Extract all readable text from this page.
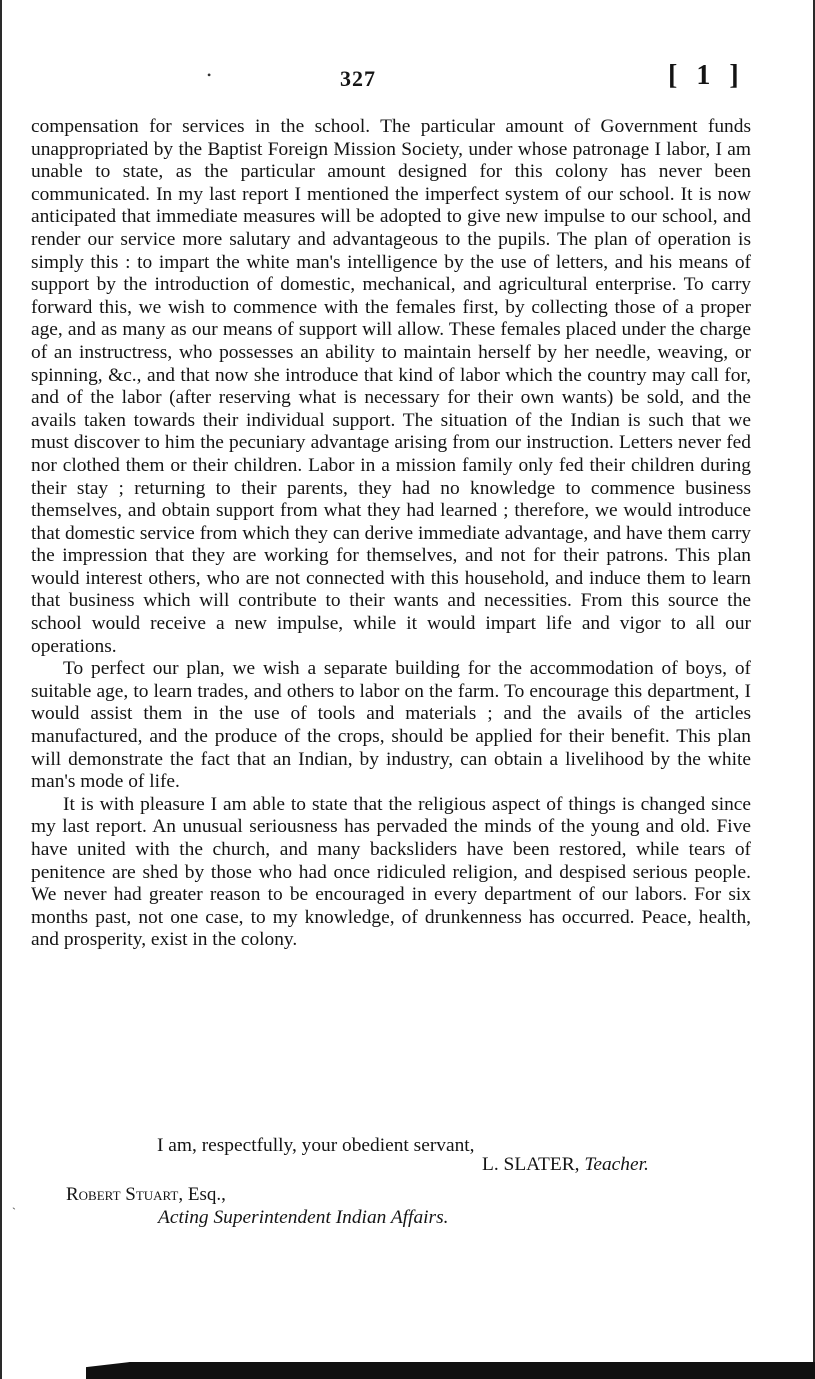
327	[ 1 ]
•

compensation for services in the school. The particular amount of Government funds unappropriated by the Baptist Foreign Mission Society, under whose patronage I labor, I am unable to state, as the particular amount designed for this colony has never been communicated. In my last report I mentioned the imperfect system of our school. It is now anticipated that immediate measures will be adopted to give new impulse to our school, and render our service more salutary and advantageous to the pupils. The plan of operation is simply this : to impart the white man's intelligence by the use of letters, and his means of support by the introduction of domestic, mechanical, and agricultural enterprise. To carry forward this, we wish to commence with the females first, by collecting those of a proper age, and as many as our means of support will allow. These females placed under the charge of an instructress, who possesses an ability to maintain herself by her needle, weaving, or spinning, &c., and that now she introduce that kind of labor which the country may call for, and of the labor (after reserving what is necessary for their own wants) be sold, and the avails taken towards their individual support. The situation of the Indian is such that we must discover to him the pecuniary advantage arising from our instruction. Letters never fed nor clothed them or their children. Labor in a mission family only fed their children during their stay ; returning to their parents, they had no knowledge to commence business themselves, and obtain support from what they had learned ; therefore, we would introduce that domestic service from which they can derive immediate advantage, and have them carry the impression that they are working for themselves, and not for their patrons. This plan would interest others, who are not connected with this household, and induce them to learn that business which will contribute to their wants and necessities. From this source the school would receive a new impulse, while it would impart life and vigor to all our operations.

To perfect our plan, we wish a separate building for the accommodation of boys, of suitable age, to learn trades, and others to labor on the farm. To encourage this department, I would assist them in the use of tools and materials ; and the avails of the articles manufactured, and the produce of the crops, should be applied for their benefit. This plan will demonstrate the fact that an Indian, by industry, can obtain a livelihood by the white man's mode of life.

It is with pleasure I am able to state that the religious aspect of things is changed since my last report. An unusual seriousness has pervaded the minds of the young and old. Five have united with the church, and many backsliders have been restored, while tears of penitence are shed by those who had once ridiculed religion, and despised serious people. We never had greater reason to be encouraged in every department of our labors. For six months past, not one case, to my knowledge, of drunkenness has occurred. Peace, health, and prosperity, exist in the colony.

I am, respectfully, your obedient servant,
L. SLATER, Teacher.
Robert Stuart, Esq.,
Acting Superintendent Indian Affairs.
ˋ
